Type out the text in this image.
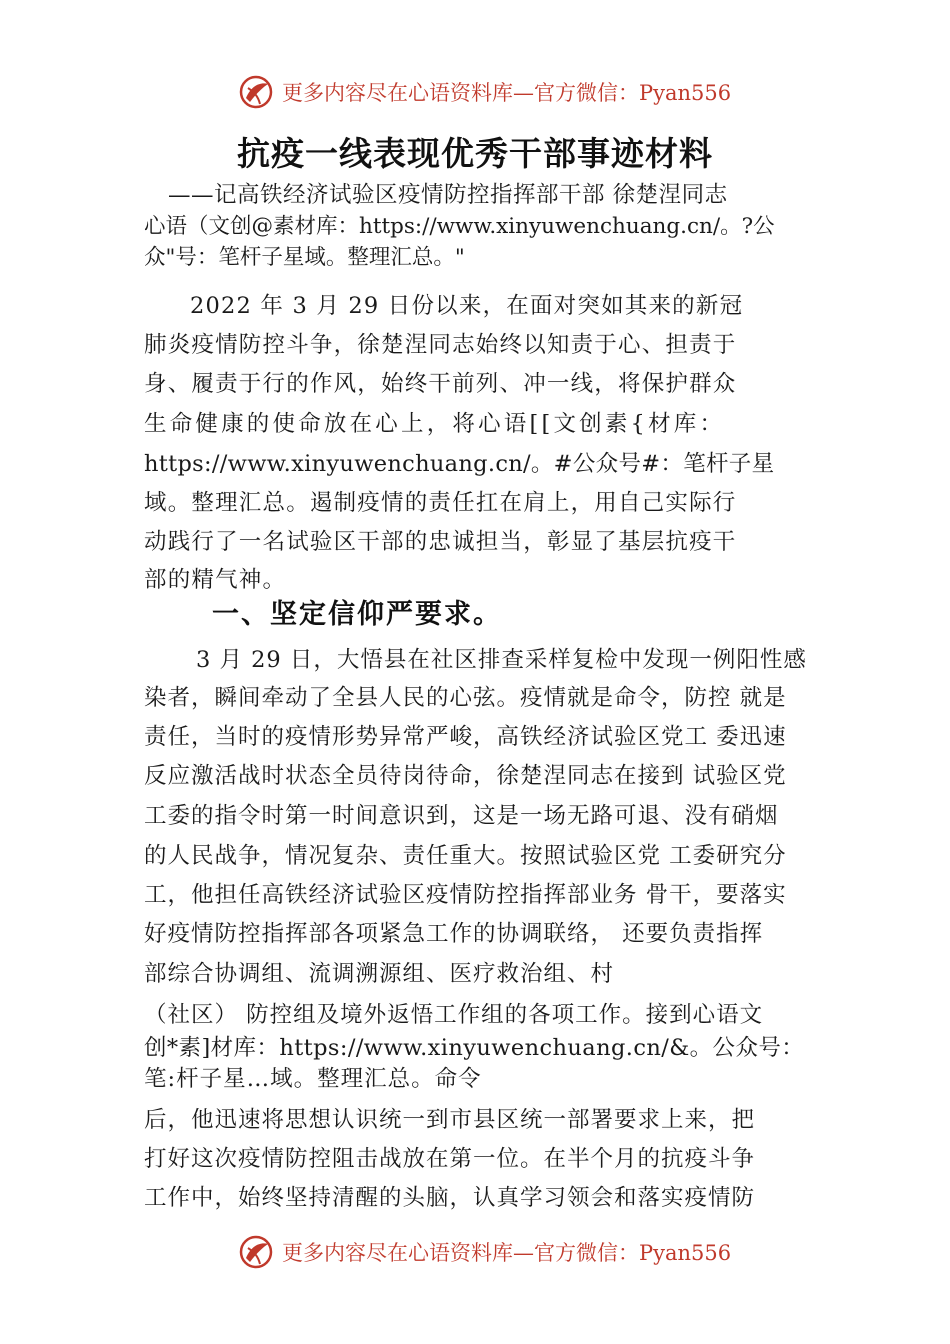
更多内容尽在心语资料库—官方微信：Pyan556
抗疫一线表现优秀干部事迹材料
——记高铁经济试验区疫情防控指挥部干部 徐楚涅同志
心语（文创@素材库：https://www.xinyuwenchuang.cn/。?公
众"号：笔杆子星域。整理汇总。"
2022 年 3 月 29 日份以来，在面对突如其来的新冠
肺炎疫情防控斗争，徐楚涅同志始终以知责于心、担责于
身、履责于行的作风，始终干前列、冲一线，将保护群众
生命健康的使命放在心上，将心语[[文创素{材库：
https://www.xinyuwenchuang.cn/。#公众号#：笔杆子星
域。整理汇总。遏制疫情的责任扛在肩上，用自己实际行
动践行了一名试验区干部的忠诚担当，彰显了基层抗疫干
部的精气神。
一、坚定信仰严要求。
3 月 29 日，大悟县在社区排查采样复检中发现一例阳性感
染者，瞬间牵动了全县人民的心弦。疫情就是命令，防控 就是
责任，当时的疫情形势异常严峻，高铁经济试验区党工 委迅速
反应激活战时状态全员待岗待命，徐楚涅同志在接到 试验区党
工委的指令时第一时间意识到，这是一场无路可退、没有硝烟
的人民战争，情况复杂、责任重大。按照试验区党 工委研究分
工，他担任高铁经济试验区疫情防控指挥部业务 骨干，要落实
好疫情防控指挥部各项紧急工作的协调联络， 还要负责指挥
部综合协调组、流调溯源组、医疗救治组、村
（社区） 防控组及境外返悟工作组的各项工作。接到心语文
创*素]材库：https://www.xinyuwenchuang.cn/&。公众号：
笔:杆子星…域。整理汇总。命令
后，他迅速将思想认识统一到市县区统一部署要求上来，把
打好这次疫情防控阻击战放在第一位。在半个月的抗疫斗争
工作中，始终坚持清醒的头脑，认真学习领会和落实疫情防
更多内容尽在心语资料库—官方微信：Pyan556
